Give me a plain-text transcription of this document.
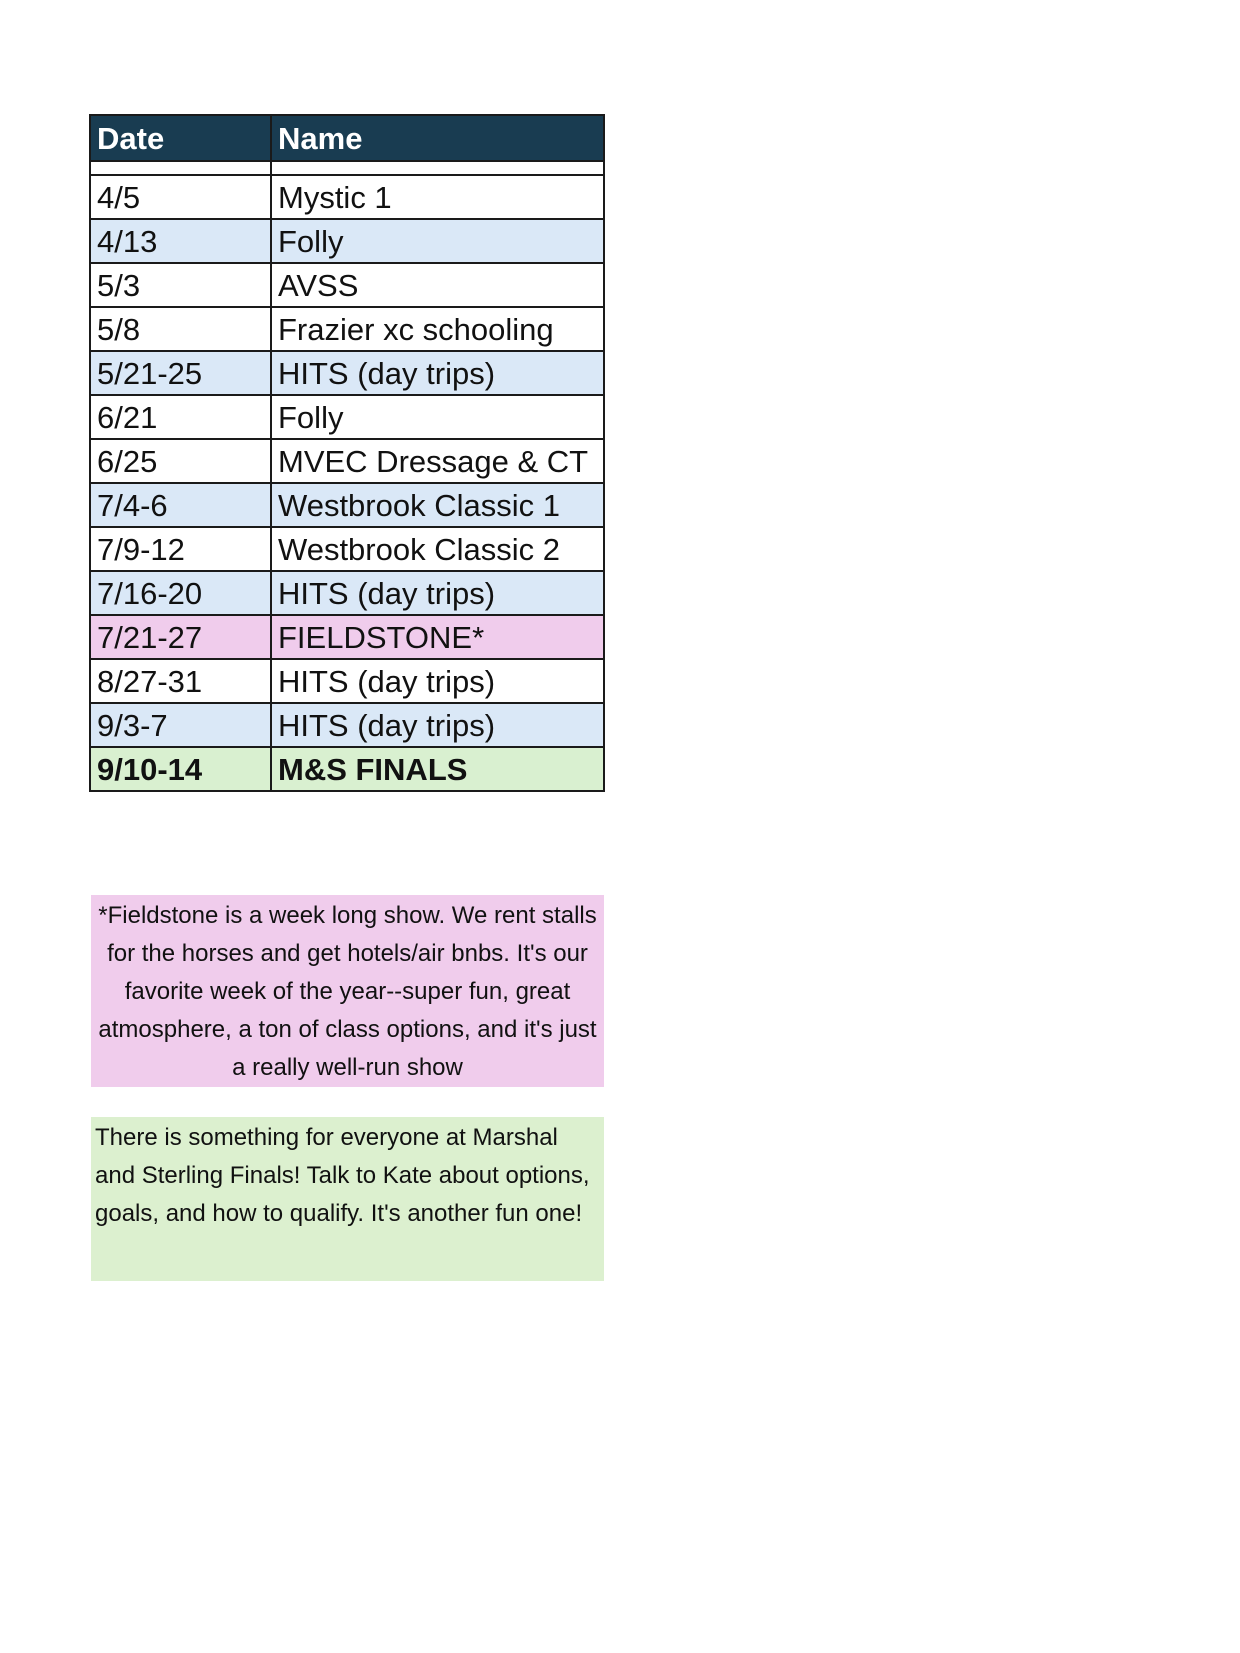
Date	Name

4/5	Mystic 1
4/13	Folly
5/3	AVSS
5/8	Frazier xc schooling
5/21-25	HITS (day trips)
6/21	Folly
6/25	MVEC Dressage & CT
7/4-6	Westbrook Classic 1
7/9-12	Westbrook Classic 2
7/16-20	HITS (day trips)
7/21-27	FIELDSTONE*
8/27-31	HITS (day trips)
9/3-7	HITS (day trips)
9/10-14	M&S FINALS
*Fieldstone is a week long show. We rent stalls for the horses and get hotels/air bnbs. It's our favorite week of the year--super fun, great atmosphere, a ton of class options, and it's just a really well-run show
There is something for everyone at Marshal and Sterling Finals! Talk to Kate about options, goals, and how to qualify. It's another fun one!
